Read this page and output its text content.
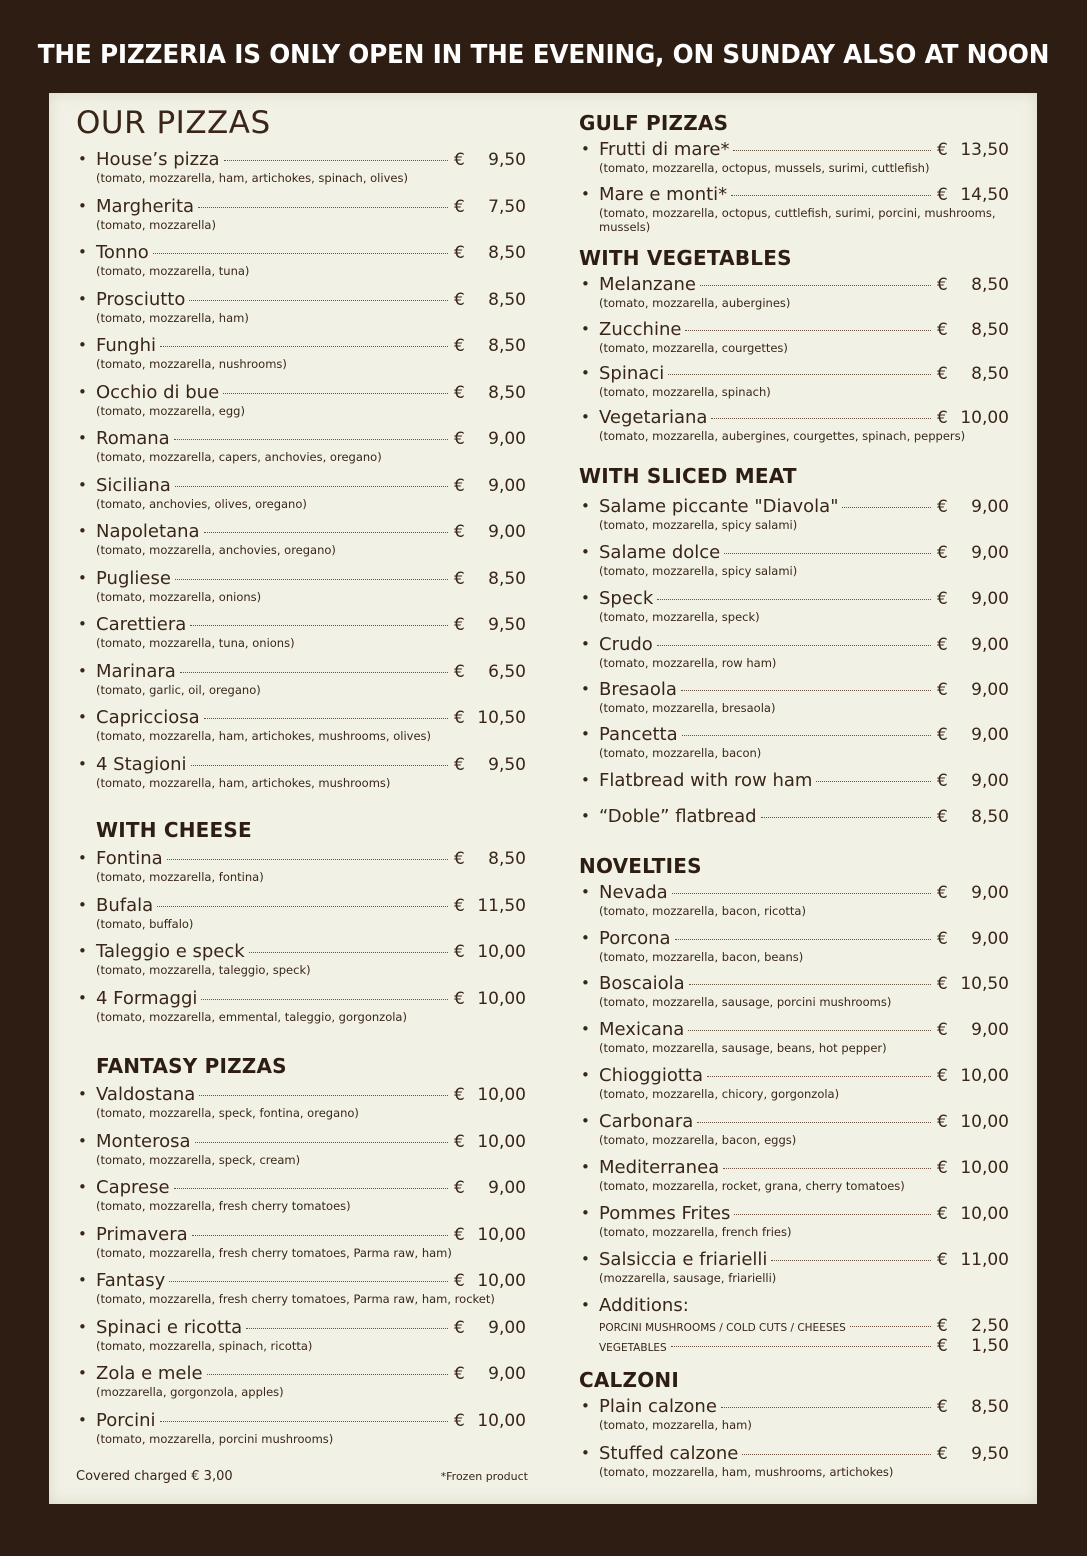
THE PIZZERIA IS ONLY OPEN IN THE EVENING, ON SUNDAY ALSO AT NOON
OUR PIZZAS
• House’s pizza	€	9,50
(tomato, mozzarella, ham, artichokes, spinach, olives)
• Margherita	€	7,50
(tomato, mozzarella)
• Tonno	€	8,50
(tomato, mozzarella, tuna)
• Prosciutto	€	8,50
(tomato, mozzarella, ham)
• Funghi	€	8,50
(tomato, mozzarella, nushrooms)
• Occhio di bue	€	8,50
(tomato, mozzarella, egg)
• Romana	€	9,00
(tomato, mozzarella, capers, anchovies, oregano)
• Siciliana	€	9,00
(tomato, anchovies, olives, oregano)
• Napoletana	€	9,00
(tomato, mozzarella, anchovies, oregano)
• Pugliese	€	8,50
(tomato, mozzarella, onions)
• Carettiera	€	9,50
(tomato, mozzarella, tuna, onions)
• Marinara	€	6,50
(tomato, garlic, oil, oregano)
• Capricciosa	€ 10,50
(tomato, mozzarella, ham, artichokes, mushrooms, olives)
• 4 Stagioni	€	9,50
(tomato, mozzarella, ham, artichokes, mushrooms)
WITH CHEESE
• Fontina	€	8,50
(tomato, mozzarella, fontina)
• Bufala	€ 11,50
(tomato, buffalo)
• Taleggio e speck	€ 10,00
(tomato, mozzarella, taleggio, speck)
• 4 Formaggi	€ 10,00
(tomato, mozzarella, emmental, taleggio, gorgonzola)
FANTASY PIZZAS
• Valdostana	€ 10,00
(tomato, mozzarella, speck, fontina, oregano)
• Monterosa	€ 10,00
(tomato, mozzarella, speck, cream)
• Caprese	€	9,00
(tomato, mozzarella, fresh cherry tomatoes)
• Primavera	€ 10,00
(tomato, mozzarella, fresh cherry tomatoes, Parma raw, ham)
• Fantasy	€ 10,00
(tomato, mozzarella, fresh cherry tomatoes, Parma raw, ham, rocket)
• Spinaci e ricotta	€	9,00
(tomato, mozzarella, spinach, ricotta)
• Zola e mele	€	9,00
(mozzarella, gorgonzola, apples)
• Porcini	€ 10,00
(tomato, mozzarella, porcini mushrooms)
Covered charged € 3,00	*Frozen product
GULF PIZZAS
• Frutti di mare*	€ 13,50
(tomato, mozzarella, octopus, mussels, surimi, cuttlefish)
• Mare e monti*	€ 14,50
(tomato, mozzarella, octopus, cuttlefish, surimi, porcini, mushrooms, mussels)
WITH VEGETABLES
• Melanzane	€	8,50
(tomato, mozzarella, aubergines)
• Zucchine	€	8,50
(tomato, mozzarella, courgettes)
• Spinaci	€	8,50
(tomato, mozzarella, spinach)
• Vegetariana	€ 10,00
(tomato, mozzarella, aubergines, courgettes, spinach, peppers)
WITH SLICED MEAT
• Salame piccante "Diavola"	€	9,00
(tomato, mozzarella, spicy salami)
• Salame dolce	€	9,00
(tomato, mozzarella, spicy salami)
• Speck	€	9,00
(tomato, mozzarella, speck)
• Crudo	€	9,00
(tomato, mozzarella, row ham)
• Bresaola	€	9,00
(tomato, mozzarella, bresaola)
• Pancetta	€	9,00
(tomato, mozzarella, bacon)
• Flatbread with row ham	€	9,00
• “Doble” flatbread	€	8,50
NOVELTIES
• Nevada	€	9,00
(tomato, mozzarella, bacon, ricotta)
• Porcona	€	9,00
(tomato, mozzarella, bacon, beans)
• Boscaiola	€ 10,50
(tomato, mozzarella, sausage, porcini mushrooms)
• Mexicana	€	9,00
(tomato, mozzarella, sausage, beans, hot pepper)
• Chioggiotta	€ 10,00
(tomato, mozzarella, chicory, gorgonzola)
• Carbonara	€ 10,00
(tomato, mozzarella, bacon, eggs)
• Mediterranea	€ 10,00
(tomato, mozzarella, rocket, grana, cherry tomatoes)
• Pommes Frites	€ 10,00
(tomato, mozzarella, french fries)
• Salsiccia e friarielli	€ 11,00
(mozzarella, sausage, friarielli)
• Additions:
PORCINI MUSHROOMS / COLD CUTS / CHEESES	€	2,50
VEGETABLES	€	1,50
CALZONI
• Plain calzone	€	8,50
(tomato, mozzarella, ham)
• Stuffed calzone	€	9,50
(tomato, mozzarella, ham, mushrooms, artichokes)
